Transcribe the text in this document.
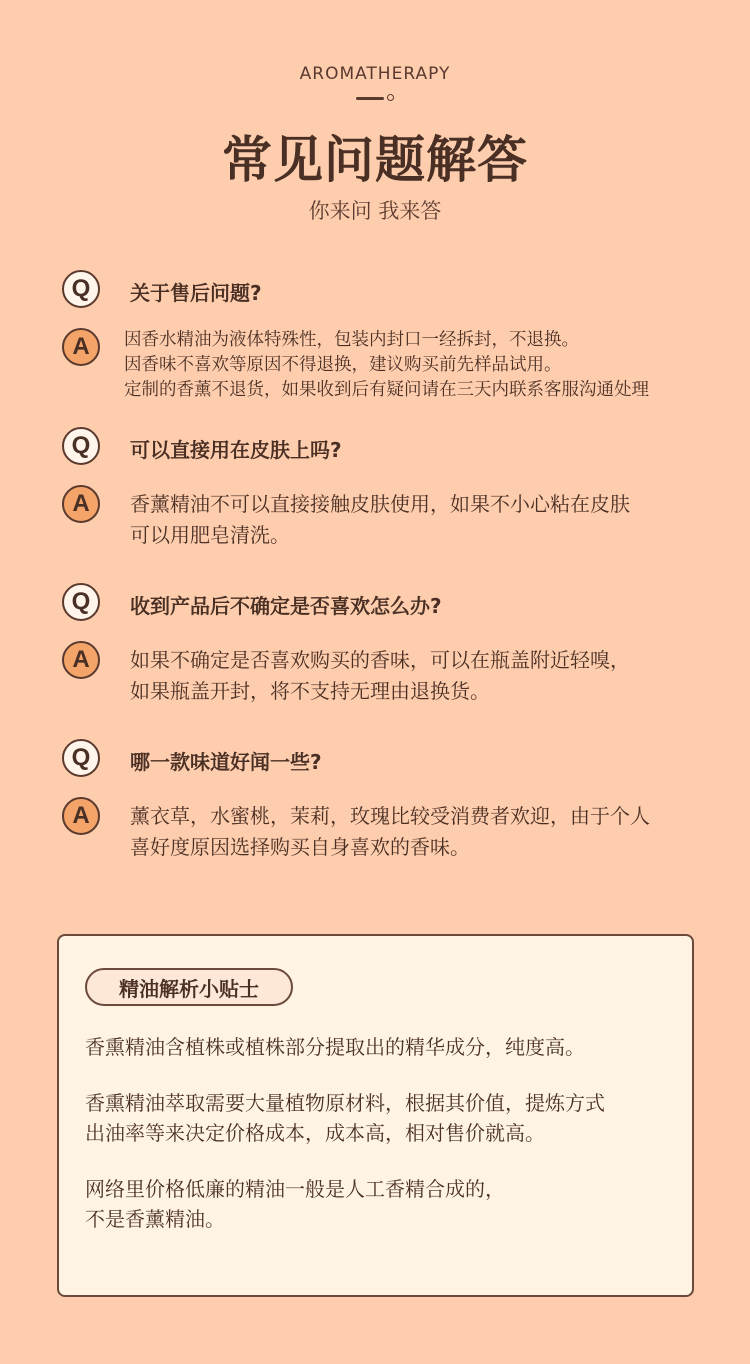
AROMATHERAPY
常见问题解答
你来问 我来答
Q	关于售后问题?
A	因香水精油为液体特殊性，包装内封口一经拆封，不退换。
因香味不喜欢等原因不得退换，建议购买前先样品试用。
定制的香薰不退货，如果收到后有疑问请在三天内联系客服沟通处理
Q	可以直接用在皮肤上吗?
A	香薰精油不可以直接接触皮肤使用，如果不小心粘在皮肤
可以用肥皂清洗。
Q	收到产品后不确定是否喜欢怎么办?
A	如果不确定是否喜欢购买的香味，可以在瓶盖附近轻嗅，
如果瓶盖开封，将不支持无理由退换货。
Q	哪一款味道好闻一些?
A	薰衣草，水蜜桃，茉莉，玫瑰比较受消费者欢迎，由于个人
喜好度原因选择购买自身喜欢的香味。
精油解析小贴士
香熏精油含植株或植株部分提取出的精华成分，纯度高。
香熏精油萃取需要大量植物原材料，根据其价值，提炼方式
出油率等来决定价格成本，成本高，相对售价就高。
网络里价格低廉的精油一般是人工香精合成的，
不是香薰精油。
